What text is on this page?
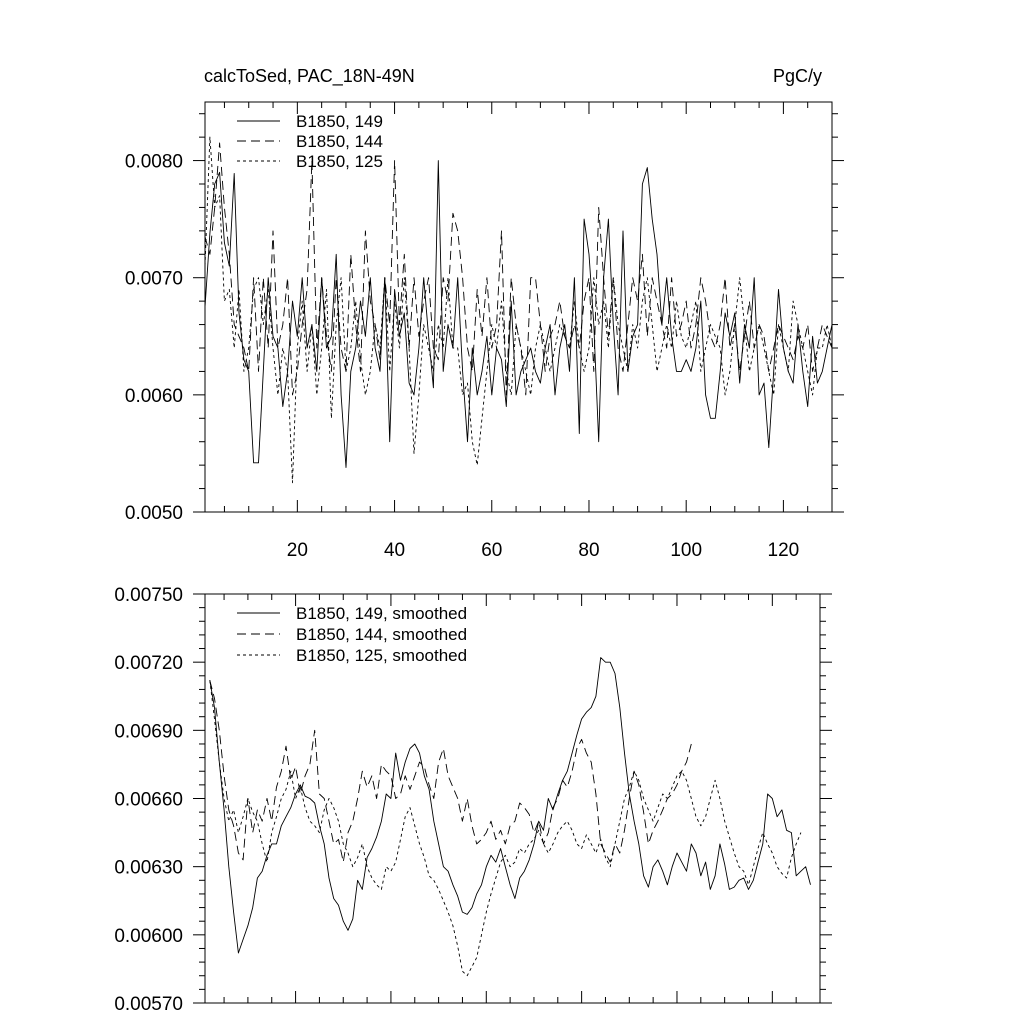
calcToSed, PAC_18N-49N	PgC/y
20	40	60	80	100	120
0.0050
0.0060
0.0070
0.0080
B1850, 149
B1850, 144
B1850, 125
0.00570
0.00600
0.00630
0.00660
0.00690
0.00720
0.00750
B1850, 149, smoothed
B1850, 144, smoothed
B1850, 125, smoothed
